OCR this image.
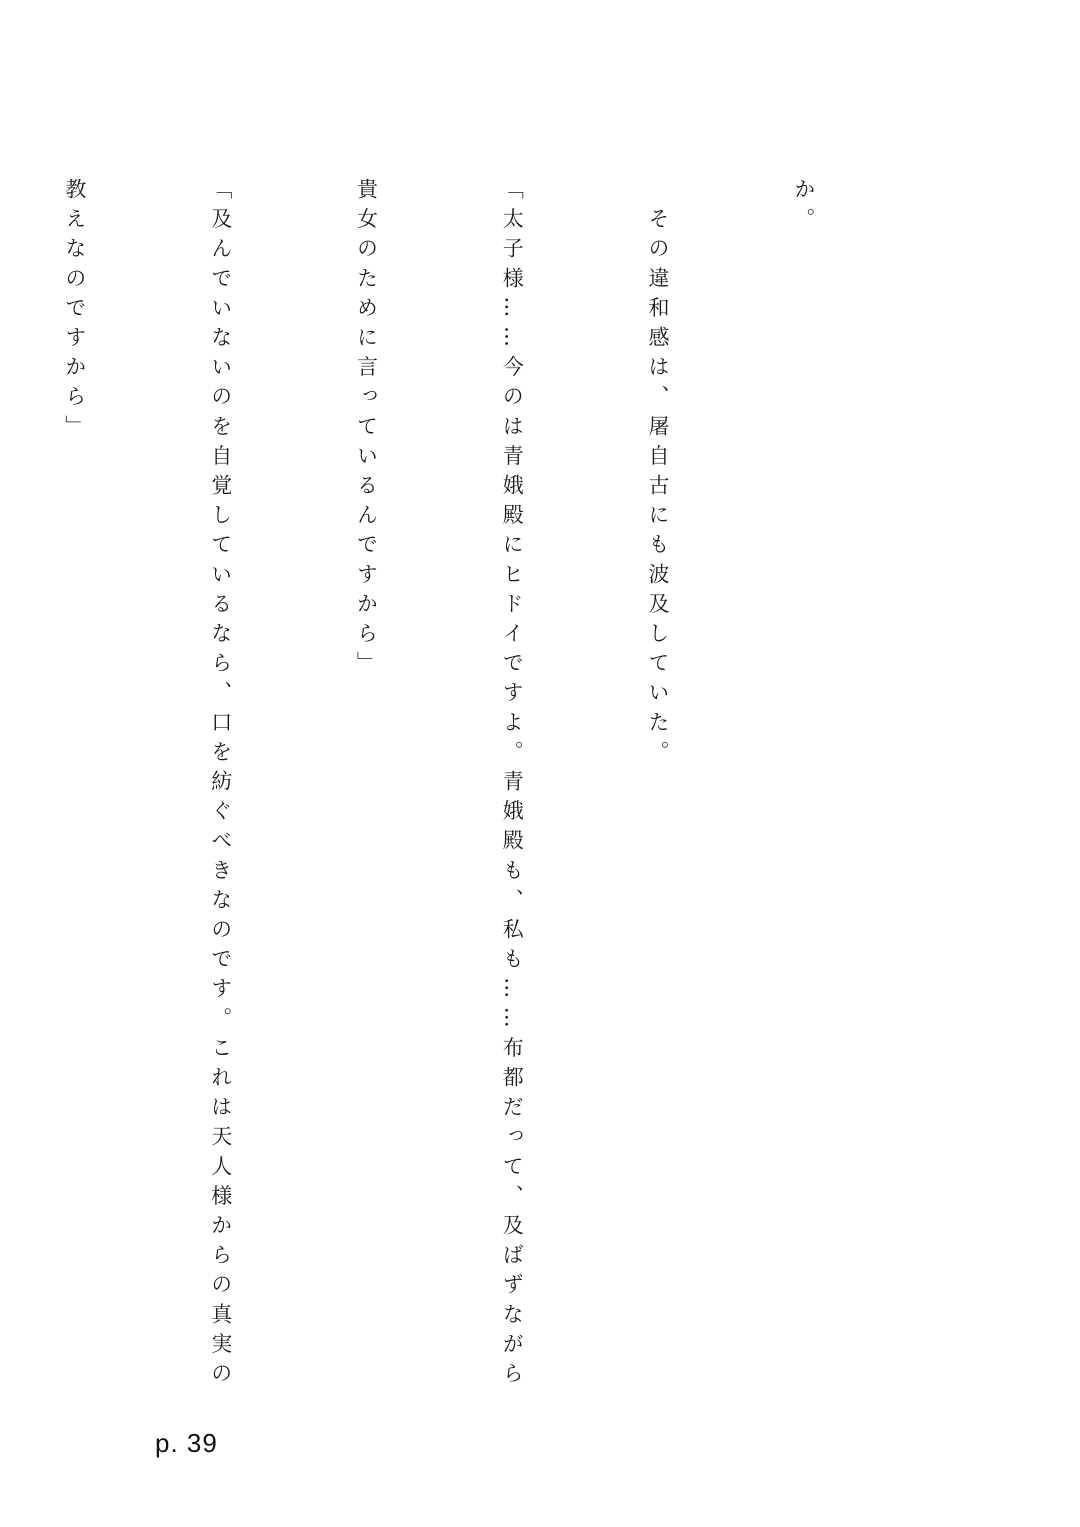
か。

　その違和感は、屠自古にも波及していた。

「太子様……今のは青娥殿にヒドイですよ。青娥殿も、私も……布都だって、及ばずながら

貴女のために言っているんですから」

「及んでいないのを自覚しているなら、口を紡ぐべきなのです。これは天人様からの真実の

教えなのですから」

p. 39
